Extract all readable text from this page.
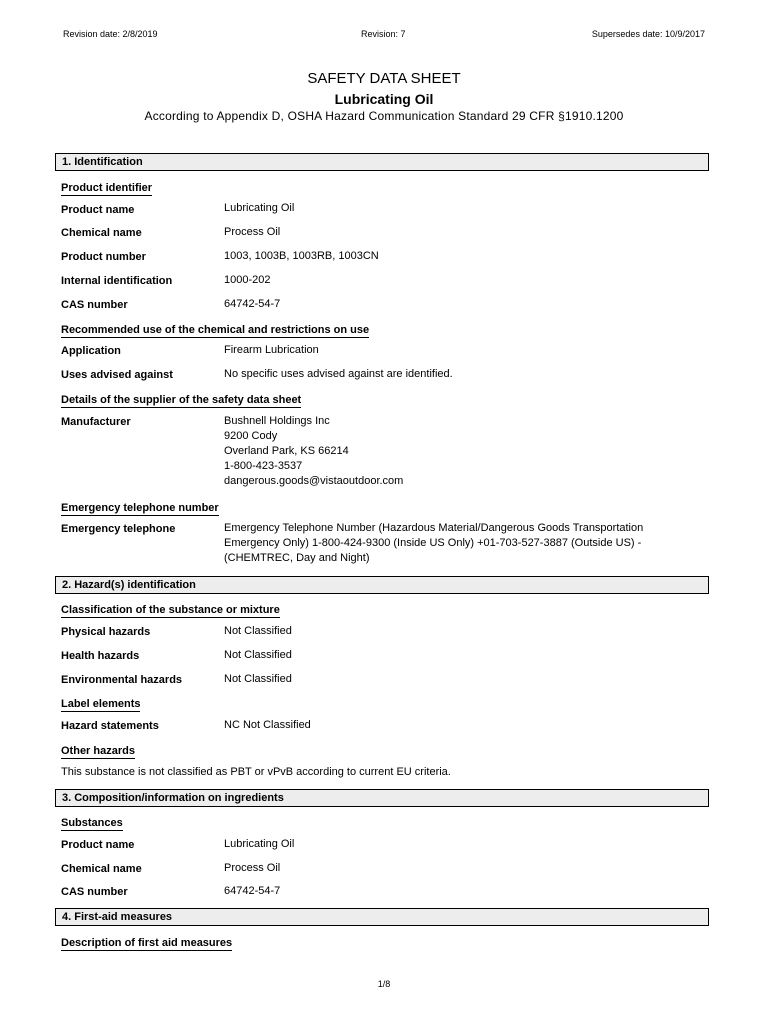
Revision date: 2/8/2019	Revision: 7	Supersedes date: 10/9/2017
SAFETY DATA SHEET
Lubricating Oil
According to Appendix D, OSHA Hazard Communication Standard 29 CFR §1910.1200
1. Identification
Product identifier
Product name	Lubricating Oil
Chemical name	Process Oil
Product number	1003, 1003B, 1003RB, 1003CN
Internal identification	1000-202
CAS number	64742-54-7
Recommended use of the chemical and restrictions on use
Application	Firearm Lubrication
Uses advised against	No specific uses advised against are identified.
Details of the supplier of the safety data sheet
Manufacturer	Bushnell Holdings Inc
9200 Cody
Overland Park, KS 66214
1-800-423-3537
dangerous.goods@vistaoutdoor.com
Emergency telephone number
Emergency telephone	Emergency Telephone Number (Hazardous Material/Dangerous Goods Transportation
Emergency Only) 1-800-424-9300 (Inside US Only) +01-703-527-3887 (Outside US) -
(CHEMTREC, Day and Night)
2. Hazard(s) identification
Classification of the substance or mixture
Physical hazards	Not Classified
Health hazards	Not Classified
Environmental hazards	Not Classified
Label elements
Hazard statements	NC Not Classified
Other hazards
This substance is not classified as PBT or vPvB according to current EU criteria.
3. Composition/information on ingredients
Substances
Product name	Lubricating Oil
Chemical name	Process Oil
CAS number	64742-54-7
4. First-aid measures
Description of first aid measures
1/8
